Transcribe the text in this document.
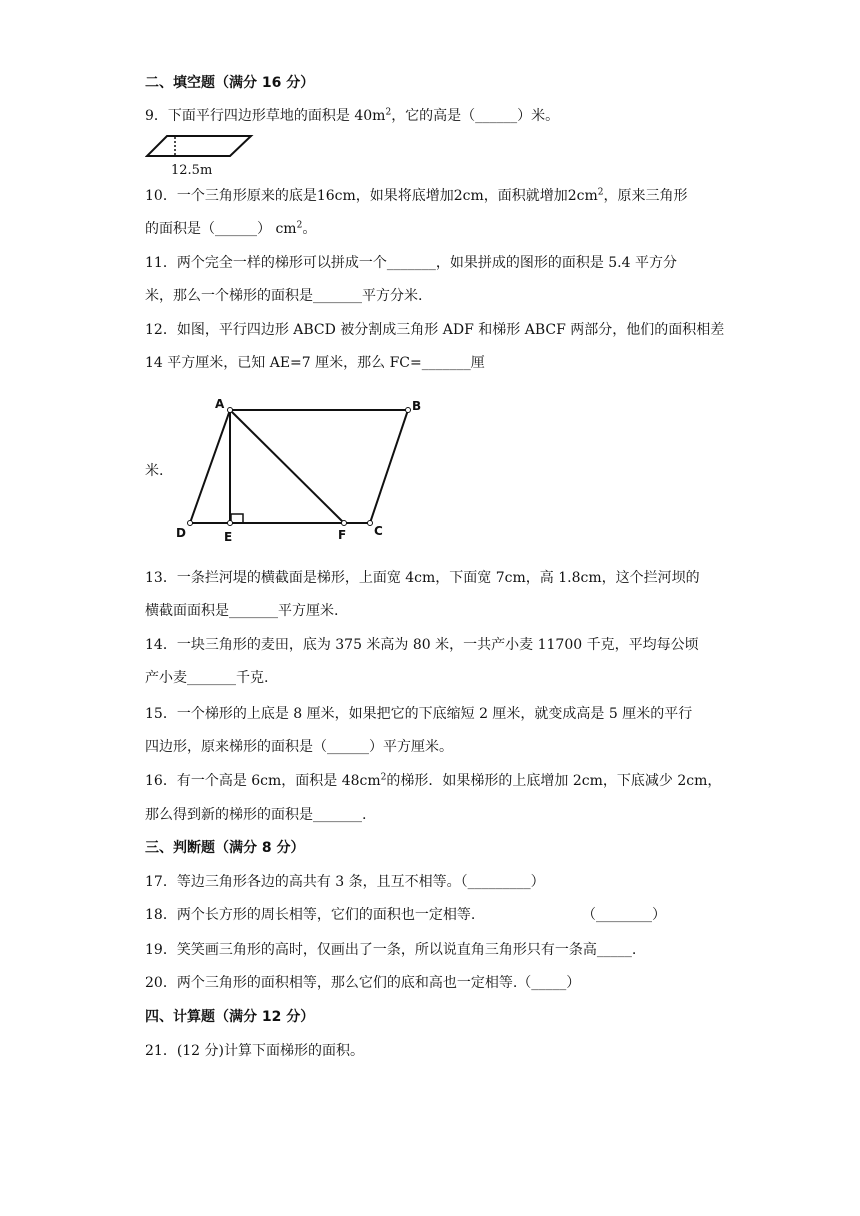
二、填空题（满分 16 分）
9．下面平行四边形草地的面积是 $40m^2$，它的高是（______）米。
12.5m
10．一个三角形原来的底是16cm，如果将底增加2cm，面积就增加$2cm^2$，原来三角形
的面积是（______） $cm^2$。
11．两个完全一样的梯形可以拼成一个_______，如果拼成的图形的面积是 5.4 平方分
米，那么一个梯形的面积是_______平方分米.
12．如图，平行四边形 ABCD 被分割成三角形 ADF 和梯形 ABCF 两部分，他们的面积相差
14 平方厘米，已知 AE=7 厘米，那么 FC=_______厘
米.
A	B
C
D	E	F
13．一条拦河堤的横截面是梯形，上面宽 4cm，下面宽 7cm，高 1.8cm，这个拦河坝的
横截面面积是_______平方厘米.
14．一块三角形的麦田，底为 375 米高为 80 米，一共产小麦 11700 千克，平均每公顷
产小麦_______千克.
15．一个梯形的上底是 8 厘米，如果把它的下底缩短 2 厘米，就变成高是 5 厘米的平行
四边形，原来梯形的面积是（______）平方厘米。
16．有一个高是 6cm，面积是 $48cm^2$的梯形．如果梯形的上底增加 2cm，下底减少 2cm，
那么得到新的梯形的面积是_______.
三、判断题（满分 8 分）
17．等边三角形各边的高共有 3 条，且互不相等。（_________）
18．两个长方形的周长相等，它们的面积也一定相等.	（________）
19．笑笑画三角形的高时，仅画出了一条，所以说直角三角形只有一条高_____.
20．两个三角形的面积相等，那么它们的底和高也一定相等.（_____）
四、计算题（满分 12 分）
21．(12 分)计算下面梯形的面积。
